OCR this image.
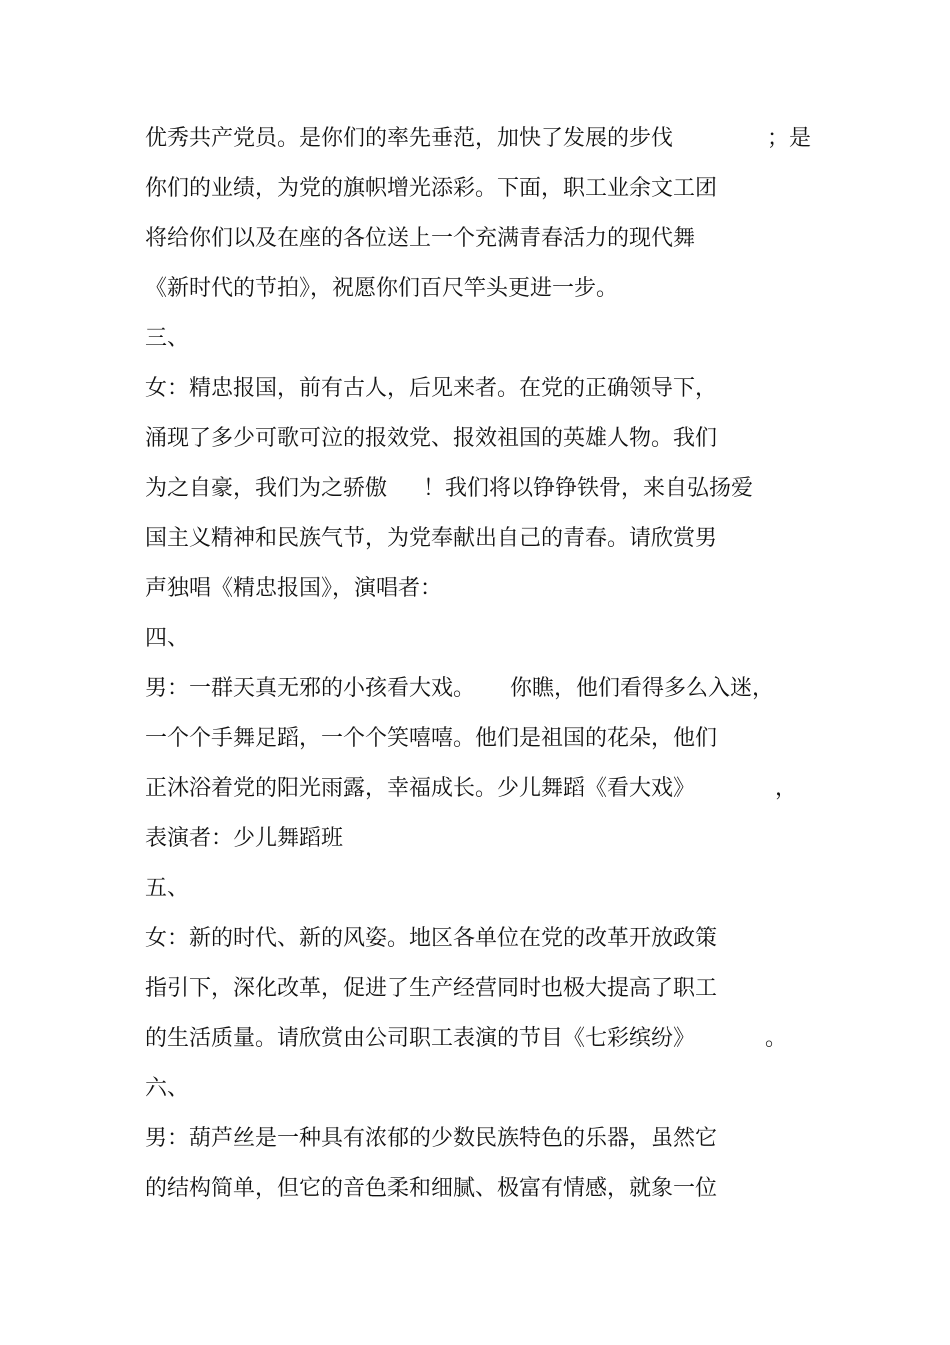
优秀共产党员。是你们的率先垂范，加快了发展的步伐

	；是

你们的业绩，为党的旗帜增光添彩。下面，职工业余文工团

将给你们以及在座的各位送上一个充满青春活力的现代舞

《新时代的节拍》，祝愿你们百尺竿头更进一步。

三、

女：精忠报国，前有古人，后见来者。在党的正确领导下，

涌现了多少可歌可泣的报效党、报效祖国的英雄人物。我们

为之自豪，我们为之骄傲

！我们将以铮铮铁骨，来自弘扬爱

国主义精神和民族气节，为党奉献出自己的青春。请欣赏男

声独唱《精忠报国》，演唱者：

四、

男：一群天真无邪的小孩看大戏。

你瞧，他们看得多么入迷，

一个个手舞足蹈，一个个笑嘻嘻。他们是祖国的花朵，他们

正沐浴着党的阳光雨露，幸福成长。少儿舞蹈《看大戏》

	，

表演者：少儿舞蹈班

五、

女：新的时代、新的风姿。地区各单位在党的改革开放政策

指引下，深化改革，促进了生产经营同时也极大提高了职工

的生活质量。请欣赏由公司职工表演的节目《七彩缤纷》

	。

六、

男：葫芦丝是一种具有浓郁的少数民族特色的乐器，虽然它

的结构简单，但它的音色柔和细腻、极富有情感，就象一位
